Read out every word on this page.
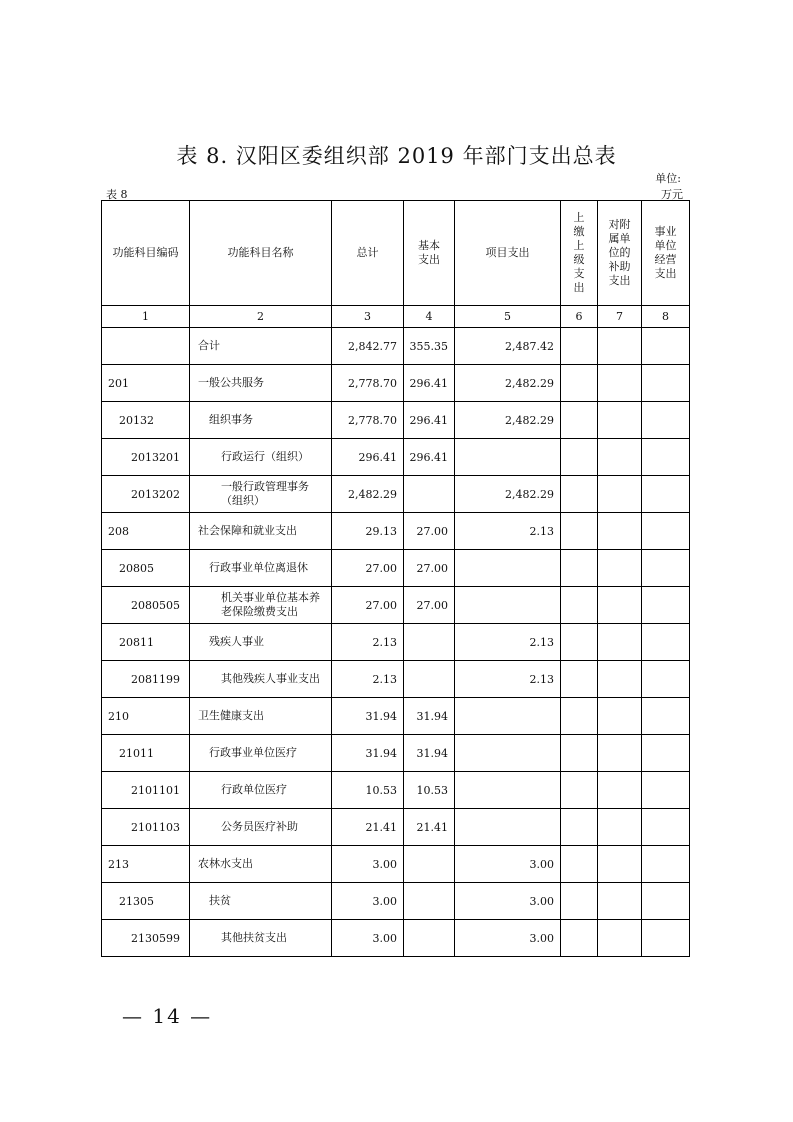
表 8. 汉阳区委组织部 2019 年部门支出总表
单位:
表 8	万元
功能科目编码	功能科目名称	总计	基本支出	项目支出	上缴上级支出	对附属单位的补助支出	事业单位经营支出
1	2	3	4	5	6	7	8
	合计	2,842.77	355.35	2,487.42			
201	一般公共服务	2,778.70	296.41	2,482.29			
20132	组织事务	2,778.70	296.41	2,482.29			
2013201	行政运行（组织）	296.41	296.41				
2013202	一般行政管理事务（组织）	2,482.29		2,482.29			
208	社会保障和就业支出	29.13	27.00	2.13			
20805	行政事业单位离退休	27.00	27.00				
2080505	机关事业单位基本养老保险缴费支出	27.00	27.00				
20811	残疾人事业	2.13		2.13			
2081199	其他残疾人事业支出	2.13		2.13			
210	卫生健康支出	31.94	31.94				
21011	行政事业单位医疗	31.94	31.94				
2101101	行政单位医疗	10.53	10.53				
2101103	公务员医疗补助	21.41	21.41				
213	农林水支出	3.00		3.00			
21305	扶贫	3.00		3.00			
2130599	其他扶贫支出	3.00		3.00			
— 14 —
